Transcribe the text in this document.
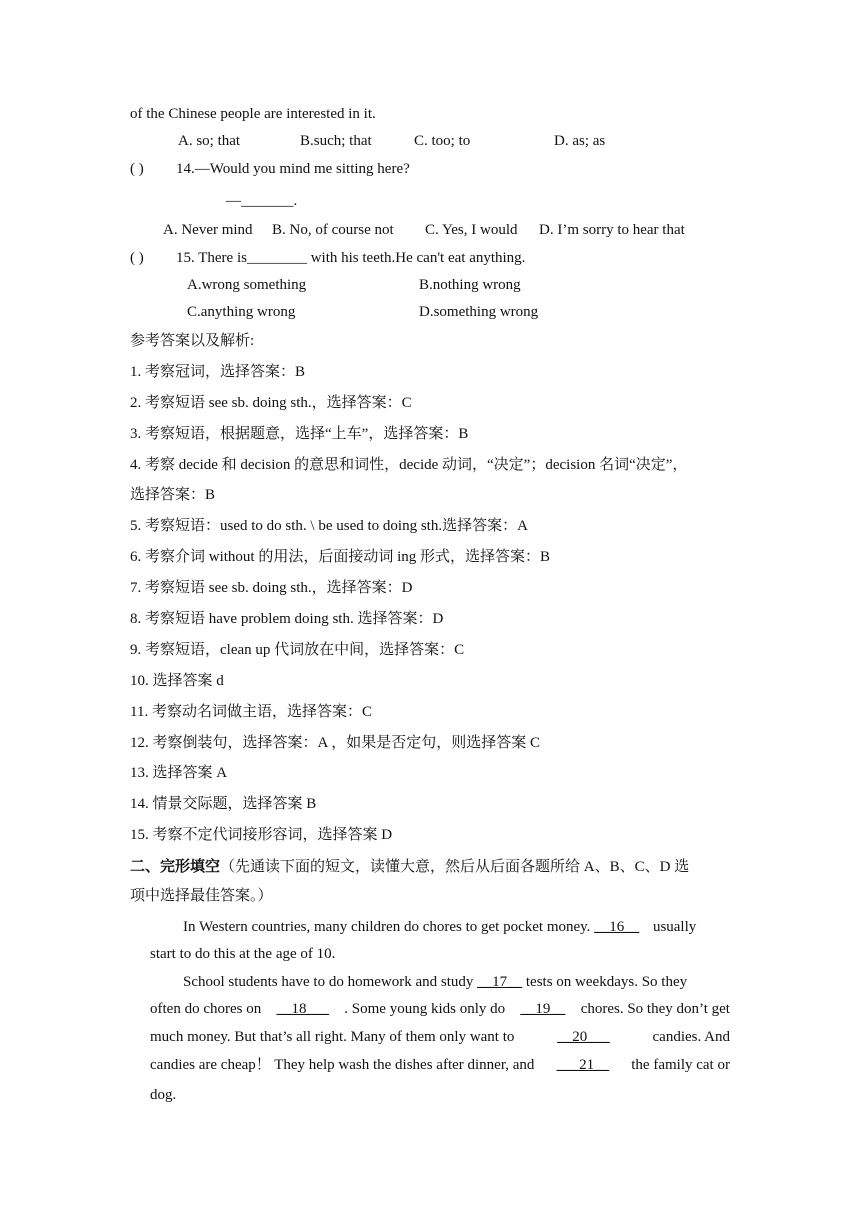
of the Chinese people are interested in it.
A. so; that	B.such; that	C. too; to	D. as; as
( ) 14.—Would you mind me sitting here?
—_______.
A. Never mind B. No, of course not C. Yes, I would D. I’m sorry to hear that
( ) 15. There is________ with his teeth.He can't eat anything.
A.wrong something	B.nothing wrong
C.anything wrong	D.something wrong
参考答案以及解析:
1. 考察冠词，选择答案：B
2. 考察短语 see sb. doing sth.，选择答案：C
3. 考察短语，根据题意，选择“上车”，选择答案：B
4. 考察 decide 和 decision 的意思和词性，decide 动词，“决定”；decision 名词“决定”，
选择答案：B
5. 考察短语：used to do sth. \ be used to doing sth.选择答案：A
6. 考察介词 without 的用法，后面接动词 ing 形式，选择答案：B
7. 考察短语 see sb. doing sth.，选择答案：D
8. 考察短语 have problem doing sth. 选择答案：D
9. 考察短语，clean up 代词放在中间，选择答案：C
10. 选择答案 d
11. 考察动名词做主语，选择答案：C
12. 考察倒装句，选择答案：A ，如果是否定句，则选择答案 C
13. 选择答案 A
14. 情景交际题，选择答案 B
15. 考察不定代词接形容词，选择答案 D
二、完形填空（先通读下面的短文，读懂大意，然后从后面各题所给 A、B、C、D 选
项中选择最佳答案。）
In Western countries, many children do chores to get pocket money. __16__ usually
start to do this at the age of 10.
School students have to do homework and study __17__ tests on weekdays. So they
often do chores on __18___ . Some young kids only do __19__ chores. So they don’t get
much money. But that’s all right. Many of them only want to	__20___	candies. And
candies are cheap！ They help wash the dishes after dinner, and ___21__ the family cat or
dog.
